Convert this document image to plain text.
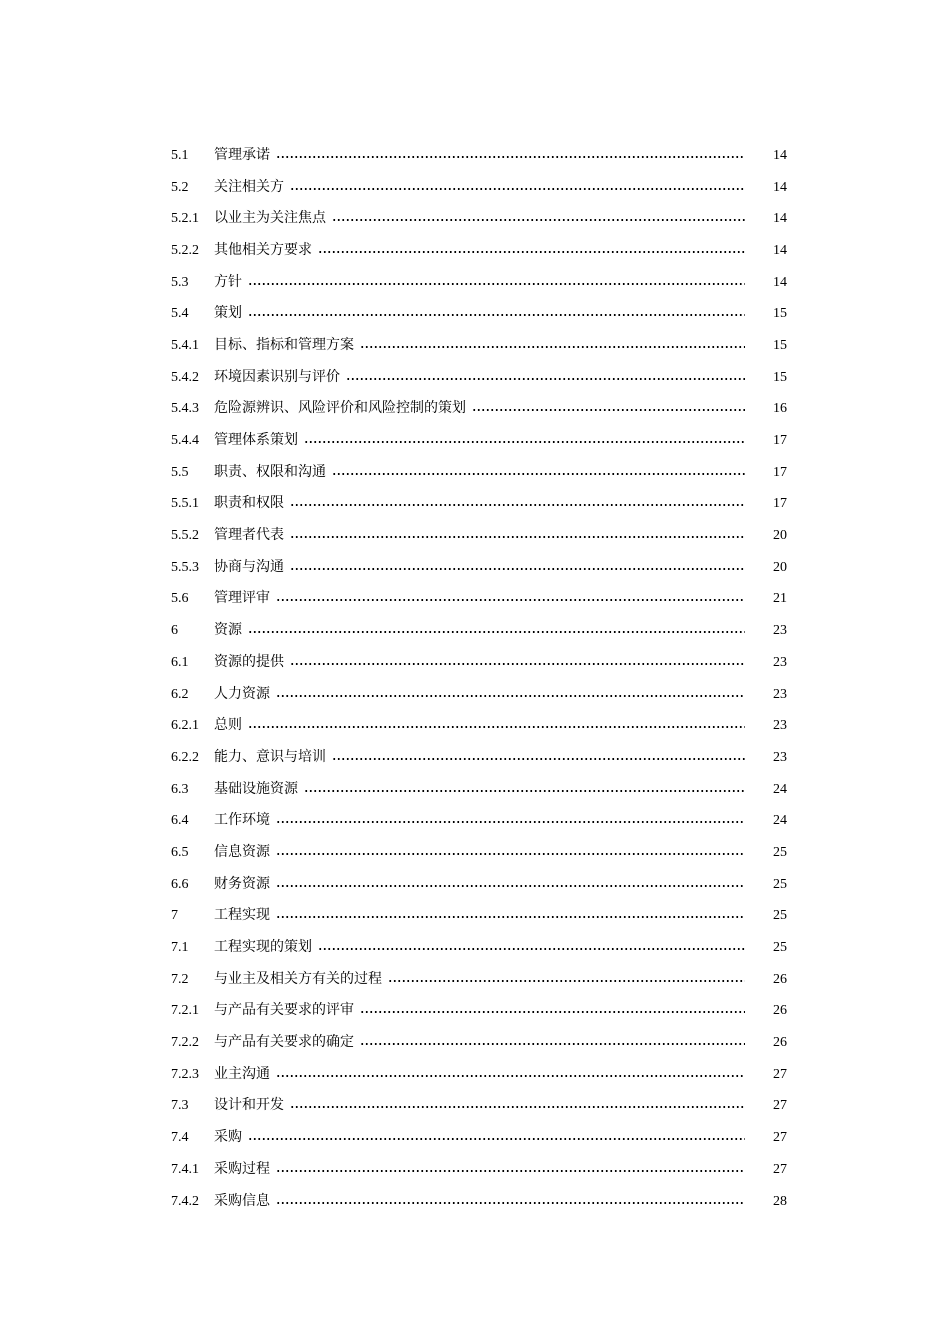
5.1	管理承诺	14
5.2	关注相关方	14
5.2.1	以业主为关注焦点	14
5.2.2	其他相关方要求	14
5.3	方针	14
5.4	策划	15
5.4.1	目标、指标和管理方案	15
5.4.2	环境因素识别与评价	15
5.4.3	危险源辨识、风险评价和风险控制的策划	16
5.4.4	管理体系策划	17
5.5	职责、权限和沟通	17
5.5.1	职责和权限	17
5.5.2	管理者代表	20
5.5.3	协商与沟通	20
5.6	管理评审	21
6	资源	23
6.1	资源的提供	23
6.2	人力资源	23
6.2.1	总则	23
6.2.2	能力、意识与培训	23
6.3	基础设施资源	24
6.4	工作环境	24
6.5	信息资源	25
6.6	财务资源	25
7	工程实现	25
7.1	工程实现的策划	25
7.2	与业主及相关方有关的过程	26
7.2.1	与产品有关要求的评审	26
7.2.2	与产品有关要求的确定	26
7.2.3	业主沟通	27
7.3	设计和开发	27
7.4	采购	27
7.4.1	采购过程	27
7.4.2	采购信息	28
